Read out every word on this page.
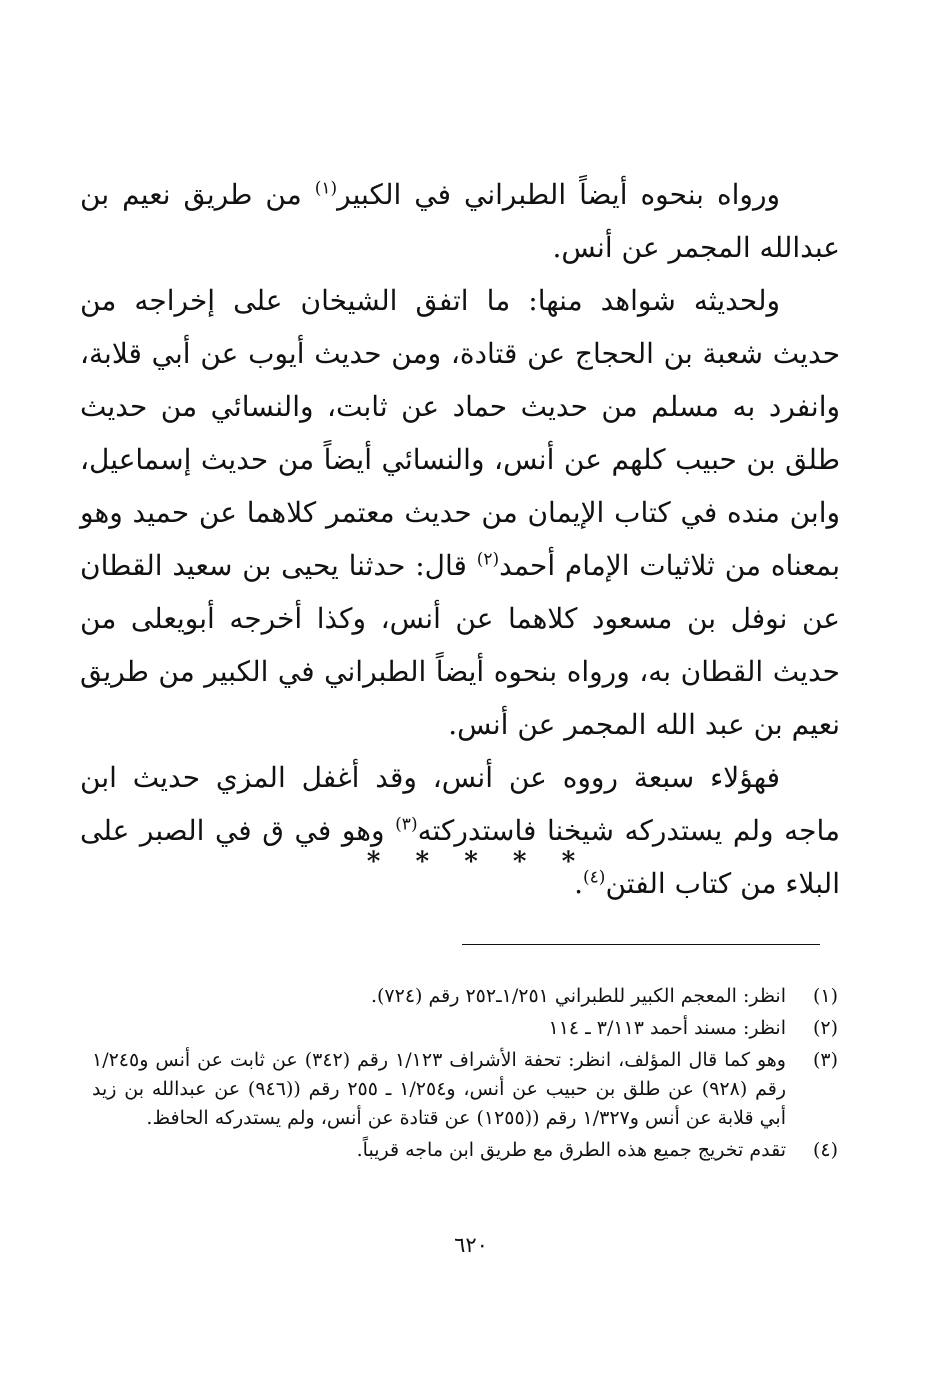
ورواه بنحوه أيضاً الطبراني في الكبير$^{(١)}$ من طريق نعيم بن عبدالله المجمر عن أنس.

ولحديثه شواهد منها: ما اتفق الشيخان على إخراجه من حديث شعبة بن الحجاج عن قتادة، ومن حديث أيوب عن أبي قلابة، وانفرد به مسلم من حديث حماد عن ثابت، والنسائي من حديث طلق بن حبيب كلهم عن أنس، والنسائي أيضاً من حديث إسماعيل، وابن منده في كتاب الإيمان من حديث معتمر كلاهما عن حميد وهو بمعناه من ثلاثيات الإمام أحمد$^{(٢)}$ قال: حدثنا يحيى بن سعيد القطان عن نوفل بن مسعود كلاهما عن أنس، وكذا أخرجه أبويعلى من حديث القطان به، ورواه بنحوه أيضاً الطبراني في الكبير من طريق نعيم بن عبد الله المجمر عن أنس.

فهؤلاء سبعة رووه عن أنس، وقد أغفل المزي حديث ابن ماجه ولم يستدركه شيخنا فاستدركته$^{(٣)}$ وهو في ق في الصبر على البلاء من كتاب الفتن$^{(٤)}$.

* * * * *
(١)
انظر: المعجم الكبير للطبراني ١/٢٥١ـ٢٥٢ رقم (٧٢٤).
(٢)
انظر: مسند أحمد ٣/١١٣ ـ ١١٤
(٣)
وهو كما قال المؤلف، انظر: تحفة الأشراف ١/١٢٣ رقم (٣٤٢) عن ثابت عن أنس و١/٢٤٥ رقم (٩٢٨) عن طلق بن حبيب عن أنس، و١/٢٥٤ ـ ٢٥٥ رقم ((٩٤٦) عن عبدالله بن زيد أبي قلابة عن أنس و١/٣٢٧ رقم ((١٢٥٥) عن قتادة عن أنس، ولم يستدركه الحافظ.
(٤)
تقدم تخريج جميع هذه الطرق مع طريق ابن ماجه قريباً.
٦٢٠
